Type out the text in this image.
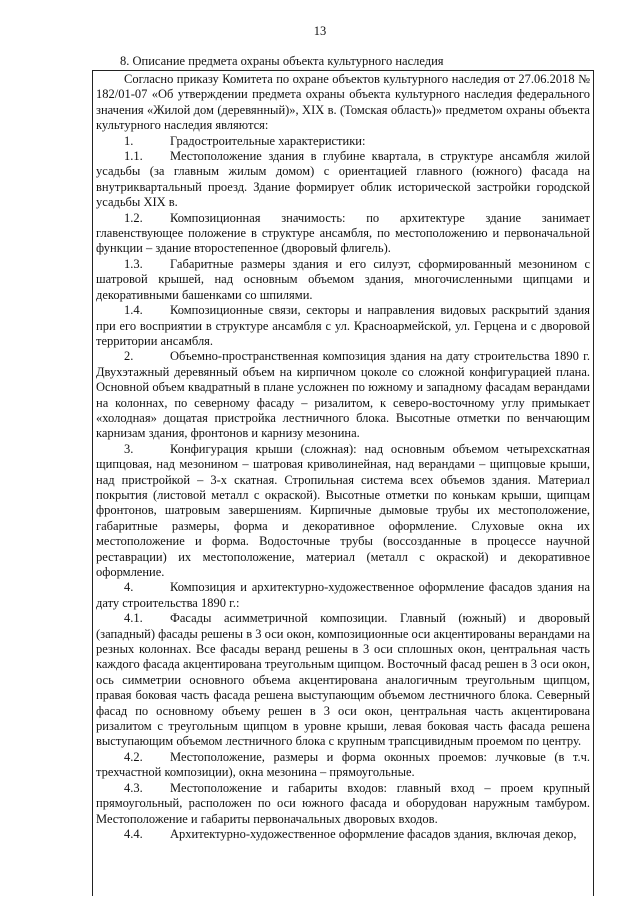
13
8. Описание предмета охраны объекта культурного наследия

Согласно приказу Комитета по охране объектов культурного наследия от 27.06.2018 № 182/01-07 «Об утверждении предмета охраны объекта культурного наследия федерального значения «Жилой дом (деревянный)», XIX в. (Томская область)» предметом охраны объекта культурного наследия являются:

1.	Градостроительные характеристики:

1.1. Местоположение здания в глубине квартала, в структуре ансамбля жилой усадьбы (за главным жилым домом) с ориентацией главного (южного) фасада на внутриквартальный проезд. Здание формирует облик исторической застройки городской усадьбы XIX в.

1.2. Композиционная значимость: по архитектуре здание занимает главенствующее положение в структуре ансамбля, по местоположению и первоначальной функции – здание второстепенное (дворовый флигель).

1.3. Габаритные размеры здания и его силуэт, сформированный мезонином с шатровой крышей, над основным объемом здания, многочисленными щипцами и декоративными башенками со шпилями.

1.4. Композиционные связи, секторы и направления видовых раскрытий здания при его восприятии в структуре ансамбля с ул. Красноармейской, ул. Герцена и с дворовой территории ансамбля.

2.	Объемно-пространственная композиция здания на дату строительства 1890 г. Двухэтажный деревянный объем на кирпичном цоколе со сложной конфигурацией плана. Основной объем квадратный в плане усложнен по южному и западному фасадам верандами на колоннах, по северному фасаду – ризалитом, к северо-восточному углу примыкает «холодная» дощатая пристройка лестничного блока. Высотные отметки по венчающим карнизам здания, фронтонов и карнизу мезонина.

3.	Конфигурация крыши (сложная): над основным объемом четырехскатная щипцовая, над мезонином – шатровая криволинейная, над верандами – щипцовые крыши, над пристройкой – 3-х скатная. Стропильная система всех объемов здания. Материал покрытия (листовой металл с окраской). Высотные отметки по конькам крыши, щипцам фронтонов, шатровым завершениям. Кирпичные дымовые трубы их местоположение, габаритные размеры, форма и декоративное оформление. Слуховые окна их местоположение и форма. Водосточные трубы (воссозданные в процессе научной реставрации) их местоположение, материал (металл с окраской) и декоративное оформление.

4.	Композиция и архитектурно-художественное оформление фасадов здания на дату строительства 1890 г.:

4.1. Фасады асимметричной композиции. Главный (южный) и дворовый (западный) фасады решены в 3 оси окон, композиционные оси акцентированы верандами на резных колоннах. Все фасады веранд решены в 3 оси сплошных окон, центральная часть каждого фасада акцентирована треугольным щипцом. Восточный фасад решен в 3 оси окон, ось симметрии основного объема акцентирована аналогичным треугольным щипцом, правая боковая часть фасада решена выступающим объемом лестничного блока. Северный фасад по основному объему решен в 3 оси окон, центральная часть акцентирована ризалитом с треугольным щипцом в уровне крыши, левая боковая часть фасада решена выступающим объемом лестничного блока с крупным трапсцивидным проемом по центру.

4.2. Местоположение, размеры и форма оконных проемов: лучковые (в т.ч. трехчастной композиции), окна мезонина – прямоугольные.

4.3. Местоположение и габариты входов: главный вход – проем крупный прямоугольный, расположен по оси южного фасада и оборудован наружным тамбуром. Местоположение и габариты первоначальных дворовых входов.

4.4. Архитектурно-художественное оформление фасадов здания, включая декор,
